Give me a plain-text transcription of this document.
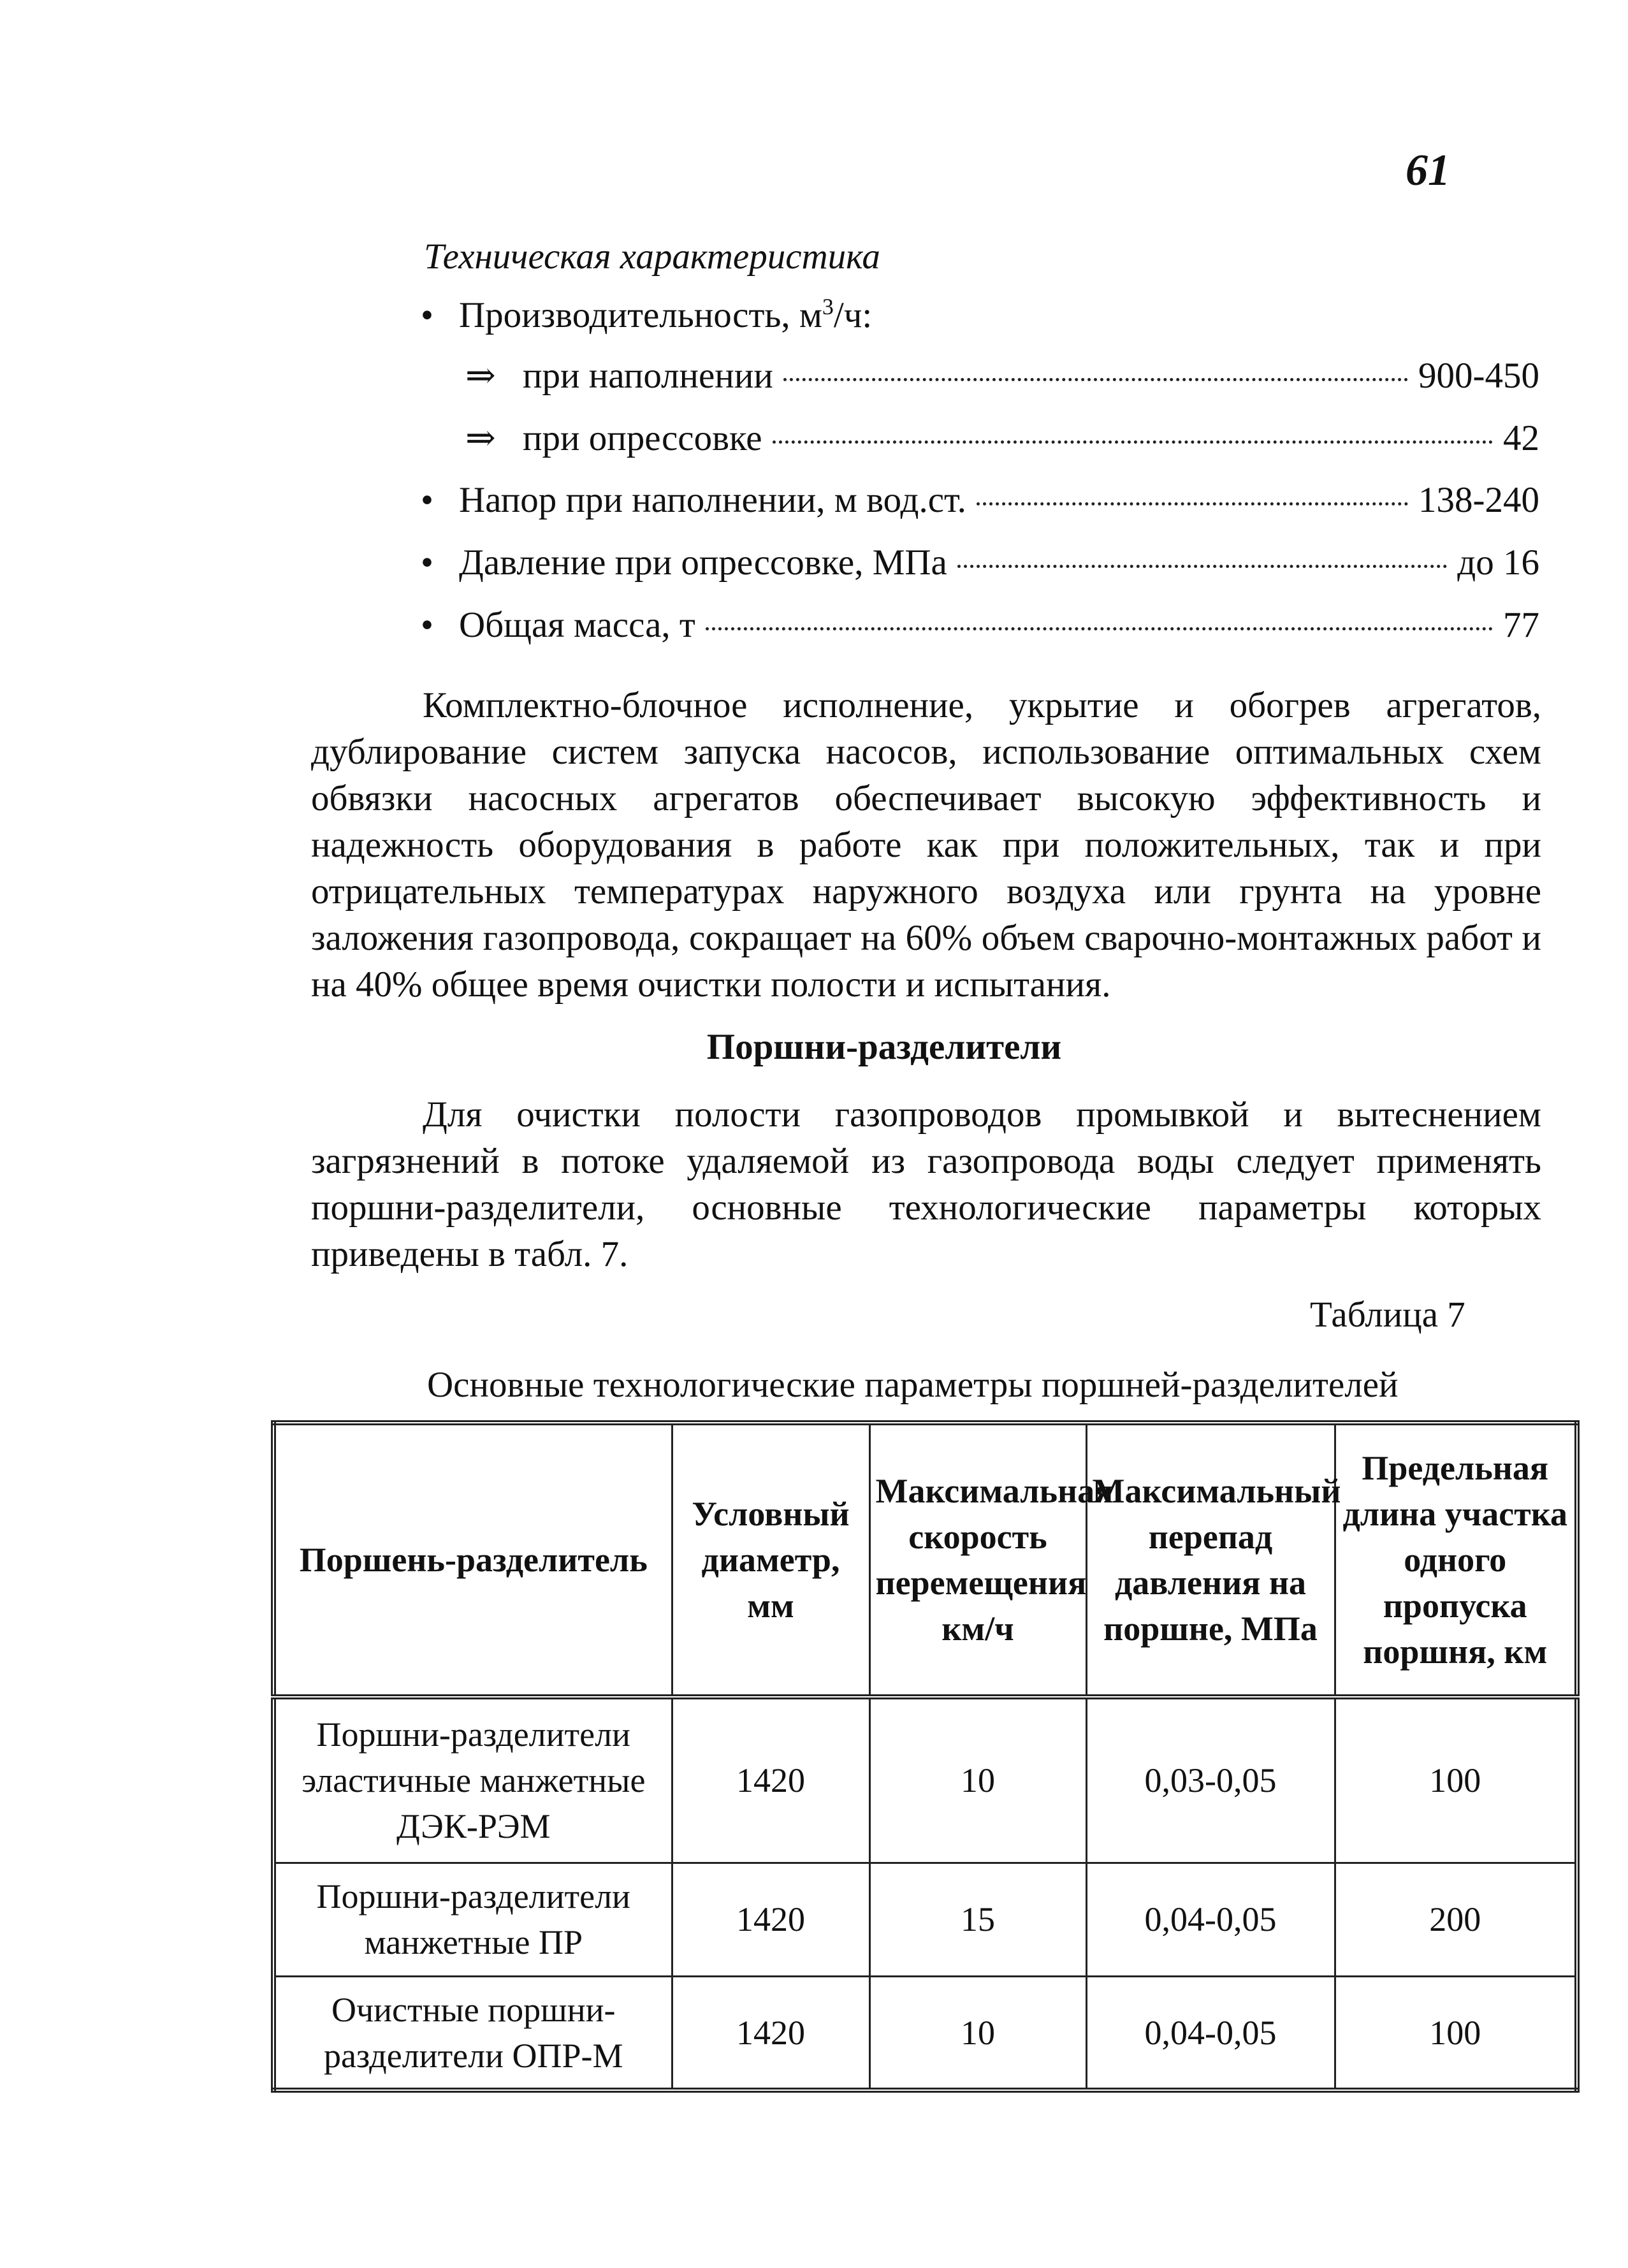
61
Техническая характеристика
• Производительность, $м^3/ч$:
⇒ при наполнении	900-450
⇒ при опрессовке	42
• Напор при наполнении, м вод.ст.	138-240
• Давление при опрессовке, МПа	до 16
• Общая масса, т	77
Комплектно-блочное исполнение, укрытие и обогрев агрегатов, дублирование систем запуска насосов, использование оптимальных схем обвязки насосных агрегатов обеспечивает высокую эффективность и надежность оборудования в работе как при положительных, так и при отрицательных температурах наружного воздуха или грунта на уровне заложения газопровода, сокращает на 60% объем сварочно-монтажных работ и на 40% общее время очистки полости и испытания.
Поршни-разделители
Для очистки полости газопроводов промывкой и вытеснением загрязнений в потоке удаляемой из газопровода воды следует применять поршни-разделители, основные технологические параметры которых приведены в табл. 7.
Таблица 7
Основные технологические параметры поршней-разделителей
Поршень-разделитель	Условный диаметр, мм	Максимальная скорость перемещения км/ч	Максимальный перепад давления на поршне, МПа	Предельная длина участка одного пропуска поршня, км
Поршни-разделители эластичные манжетные ДЭК-РЭМ	1420	10	0,03-0,05	100
Поршни-разделители манжетные ПР	1420	15	0,04-0,05	200
Очистные поршни-разделители ОПР-М	1420	10	0,04-0,05	100
